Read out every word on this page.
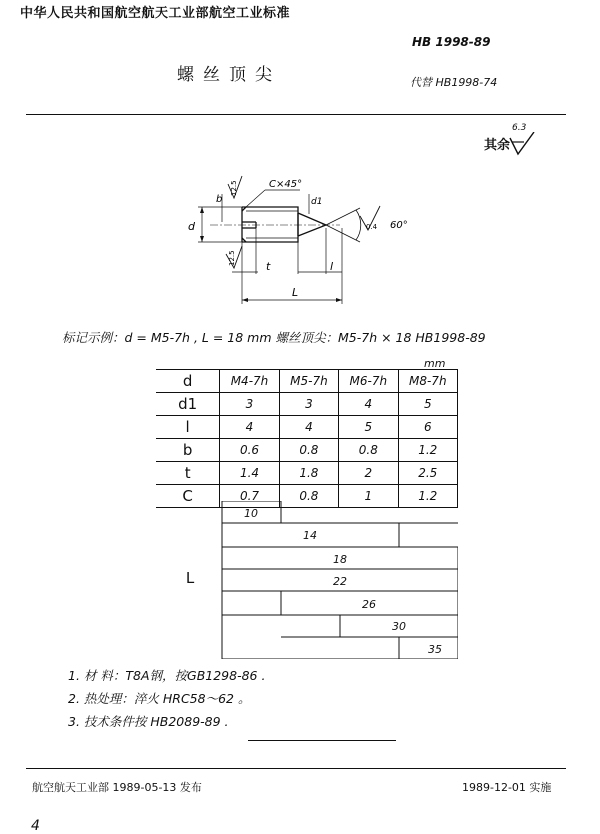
中华人民共和国航空航天工业部航空工业标准
HB 1998-89
螺丝顶尖	代替 HB1998-74
其余
6.3
C×45°
12.5
12.5
0.4 60°
b
d
d1
t	l
L
标记示例：d = M5-7h , L = 18 mm 螺丝顶尖：M5-7h × 18 HB1998-89
mm
d	M4-7h	M5-7h	M6-7h	M8-7h
d1	3	3	4	5
l	4	4	5	6
b	0.6	0.8	0.8	1.2
t	1.4	1.8	2	2.5
C	0.7	0.8	1	1.2
10
14
18
22
26
30
35
L
1. 材 料：T8A钢，按GB1298-86 .
2. 热处理：淬火 HRC58～62 。
3. 技术条件按 HB2089-89 .
航空航天工业部 1989-05-13 发布	1989-12-01 实施
4
